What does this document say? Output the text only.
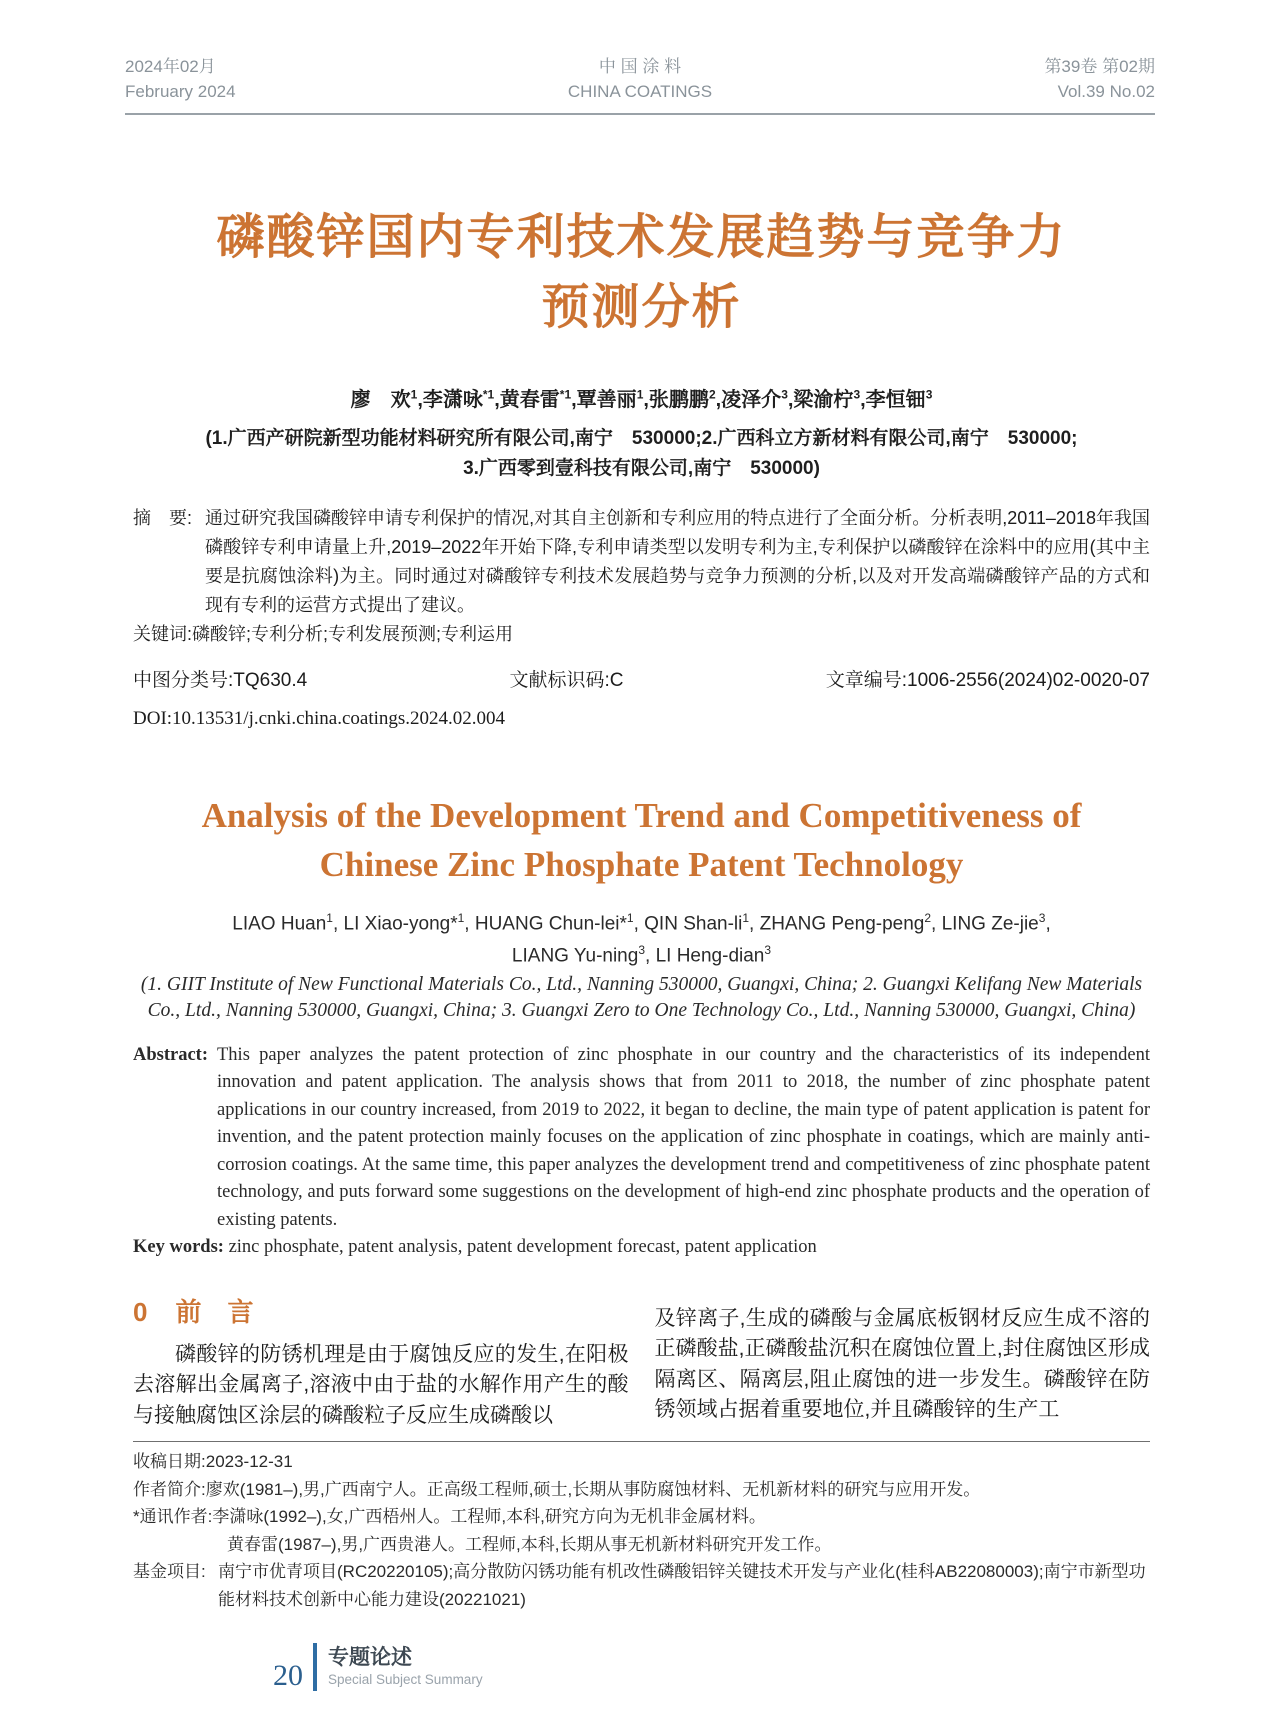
2024年02月
February 2024
中 国 涂 料
CHINA COATINGS
第39卷 第02期
Vol.39 No.02
磷酸锌国内专利技术发展趋势与竞争力
预测分析
廖　欢$^1$,李潇咏$^{*1}$,黄春雷$^{*1}$,覃善丽$^1$,张鹏鹏$^2$,凌泽介$^3$,梁渝柠$^3$,李恒钿$^3$
(1.广西产研院新型功能材料研究所有限公司,南宁　530000;2.广西科立方新材料有限公司,南宁　530000;
3.广西零到壹科技有限公司,南宁　530000)
摘　要: 通过研究我国磷酸锌申请专利保护的情况,对其自主创新和专利应用的特点进行了全面分析。分析表明,2011–2018年我国磷酸锌专利申请量上升,2019–2022年开始下降,专利申请类型以发明专利为主,专利保护以磷酸锌在涂料中的应用(其中主要是抗腐蚀涂料)为主。同时通过对磷酸锌专利技术发展趋势与竞争力预测的分析,以及对开发高端磷酸锌产品的方式和现有专利的运营方式提出了建议。
关键词:磷酸锌;专利分析;专利发展预测;专利运用
中图分类号:TQ630.4	文献标识码:C	文章编号:1006-2556(2024)02-0020-07
DOI:10.13531/j.cnki.china.coatings.2024.02.004
Analysis of the Development Trend and Competitiveness of
Chinese Zinc Phosphate Patent Technology
LIAO Huan$^1$, LI Xiao-yong*$^1$, HUANG Chun-lei*$^1$, QIN Shan-$li^1$, ZHANG Peng-peng$^2$, LING Ze-jie$^3$,
LIANG Yu-ning$^3$, LI Heng-dian$^3$
(1. GIIT Institute of New Functional Materials Co., Ltd., Nanning 530000, Guangxi, China; 2. Guangxi Kelifang New Materials
Co., Ltd., Nanning 530000, Guangxi, China; 3. Guangxi Zero to One Technology Co., Ltd., Nanning 530000, Guangxi, China)
Abstract: This paper analyzes the patent protection of zinc phosphate in our country and the characteristics of its independent innovation and patent application. The analysis shows that from 2011 to 2018, the number of zinc phosphate patent applications in our country increased, from 2019 to 2022, it began to decline, the main type of patent application is patent for invention, and the patent protection mainly focuses on the application of zinc phosphate in coatings, which are mainly anti-corrosion coatings. At the same time, this paper analyzes the development trend and competitiveness of zinc phosphate patent technology, and puts forward some suggestions on the development of high-end zinc phosphate products and the operation of existing patents.
Key words: zinc phosphate, patent analysis, patent development forecast, patent application
0 前　言

磷酸锌的防锈机理是由于腐蚀反应的发生,在阳极去溶解出金属离子,溶液中由于盐的水解作用产生的酸与接触腐蚀区涂层的磷酸粒子反应生成磷酸以

及锌离子,生成的磷酸与金属底板钢材反应生成不溶的正磷酸盐,正磷酸盐沉积在腐蚀位置上,封住腐蚀区形成隔离区、隔离层,阻止腐蚀的进一步发生。磷酸锌在防锈领域占据着重要地位,并且磷酸锌的生产工

收稿日期:2023-12-31
作者简介:廖欢(1981–),男,广西南宁人。正高级工程师,硕士,长期从事防腐蚀材料、无机新材料的研究与应用开发。
*通讯作者:李潇咏(1992–),女,广西梧州人。工程师,本科,研究方向为无机非金属材料。
黄春雷(1987–),男,广西贵港人。工程师,本科,长期从事无机新材料研究开发工作。
基金项目: 南宁市优青项目(RC20220105);高分散防闪锈功能有机改性磷酸铝锌关键技术开发与产业化(桂科AB22080003);南宁市新型功能材料技术创新中心能力建设(20221021)
20
专题论述
Special Subject Summary
